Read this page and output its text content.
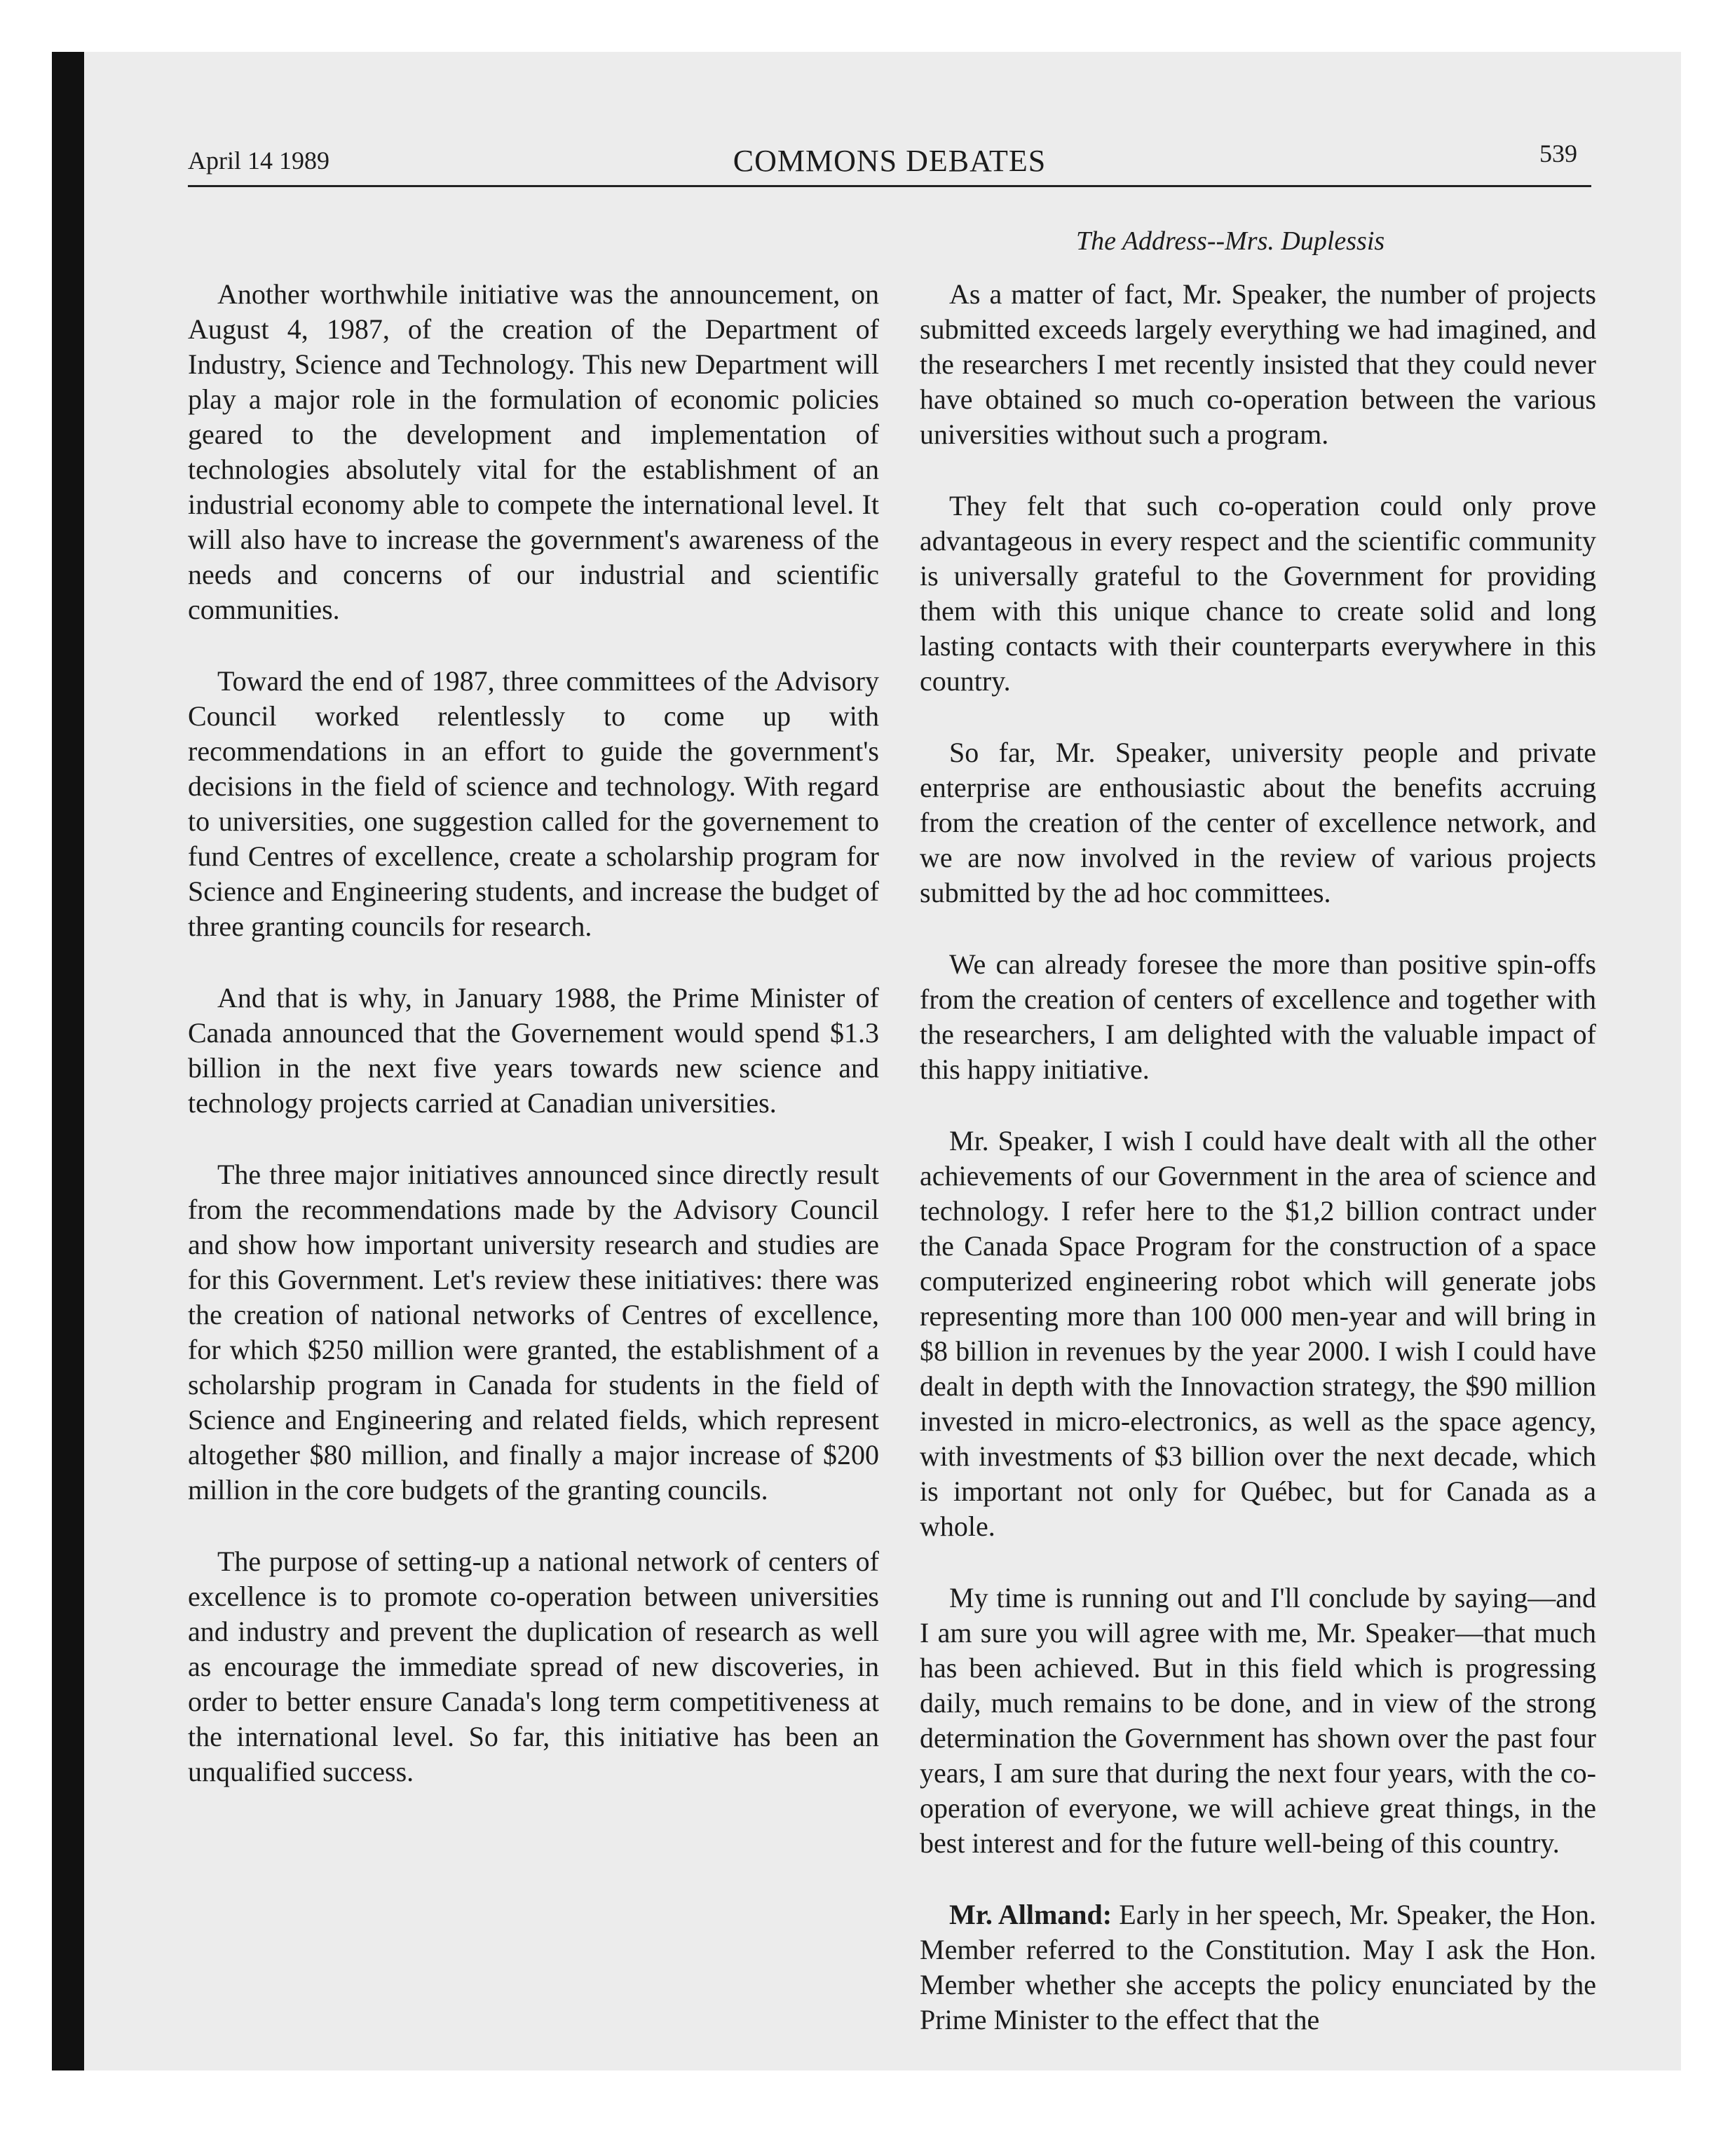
April 14 1989	COMMONS DEBATES	539
The Address--Mrs. Duplessis

Another worthwhile initiative was the announcement, on August 4, 1987, of the creation of the Department of Industry, Science and Technology. This new Department will play a major role in the formulation of economic policies geared to the development and implementation of technologies absolutely vital for the establishment of an industrial economy able to compete the international level. It will also have to increase the government's awareness of the needs and concerns of our industrial and scientific communities.

Toward the end of 1987, three committees of the Advisory Council worked relentlessly to come up with recommendations in an effort to guide the government's decisions in the field of science and technology. With regard to universities, one suggestion called for the governement to fund Centres of excellence, create a scholarship program for Science and Engineering students, and increase the budget of three granting councils for research.

And that is why, in January 1988, the Prime Minister of Canada announced that the Governement would spend $1.3 billion in the next five years towards new science and technology projects carried at Canadian universities.

The three major initiatives announced since directly result from the recommendations made by the Advisory Council and show how important university research and studies are for this Government. Let's review these initiatives: there was the creation of national networks of Centres of excellence, for which $250 million were granted, the establishment of a scholarship program in Canada for students in the field of Science and Engineering and related fields, which represent altogether $80 million, and finally a major increase of $200 million in the core budgets of the granting councils.

The purpose of setting-up a national network of centers of excellence is to promote co-operation between universities and industry and prevent the duplication of research as well as encourage the immediate spread of new discoveries, in order to better ensure Canada's long term competitiveness at the international level. So far, this initiative has been an unqualified success.

As a matter of fact, Mr. Speaker, the number of projects submitted exceeds largely everything we had imagined, and the researchers I met recently insisted that they could never have obtained so much co-operation between the various universities without such a program.

They felt that such co-operation could only prove advantageous in every respect and the scientific community is universally grateful to the Government for providing them with this unique chance to create solid and long lasting contacts with their counterparts everywhere in this country.

So far, Mr. Speaker, university people and private enterprise are enthousiastic about the benefits accruing from the creation of the center of excellence network, and we are now involved in the review of various projects submitted by the ad hoc committees.

We can already foresee the more than positive spin-offs from the creation of centers of excellence and together with the researchers, I am delighted with the valuable impact of this happy initiative.

Mr. Speaker, I wish I could have dealt with all the other achievements of our Government in the area of science and technology. I refer here to the $1,2 billion contract under the Canada Space Program for the construction of a space computerized engineering robot which will generate jobs representing more than 100 000 men-year and will bring in $8 billion in revenues by the year 2000. I wish I could have dealt in depth with the Innovaction strategy, the $90 million invested in micro-electronics, as well as the space agency, with investments of $3 billion over the next decade, which is important not only for Québec, but for Canada as a whole.

My time is running out and I'll conclude by saying—and I am sure you will agree with me, Mr. Speaker—that much has been achieved. But in this field which is progressing daily, much remains to be done, and in view of the strong determination the Government has shown over the past four years, I am sure that during the next four years, with the co-operation of everyone, we will achieve great things, in the best interest and for the future well-being of this country.

Mr. Allmand: Early in her speech, Mr. Speaker, the Hon. Member referred to the Constitution. May I ask the Hon. Member whether she accepts the policy enunciated by the Prime Minister to the effect that the
